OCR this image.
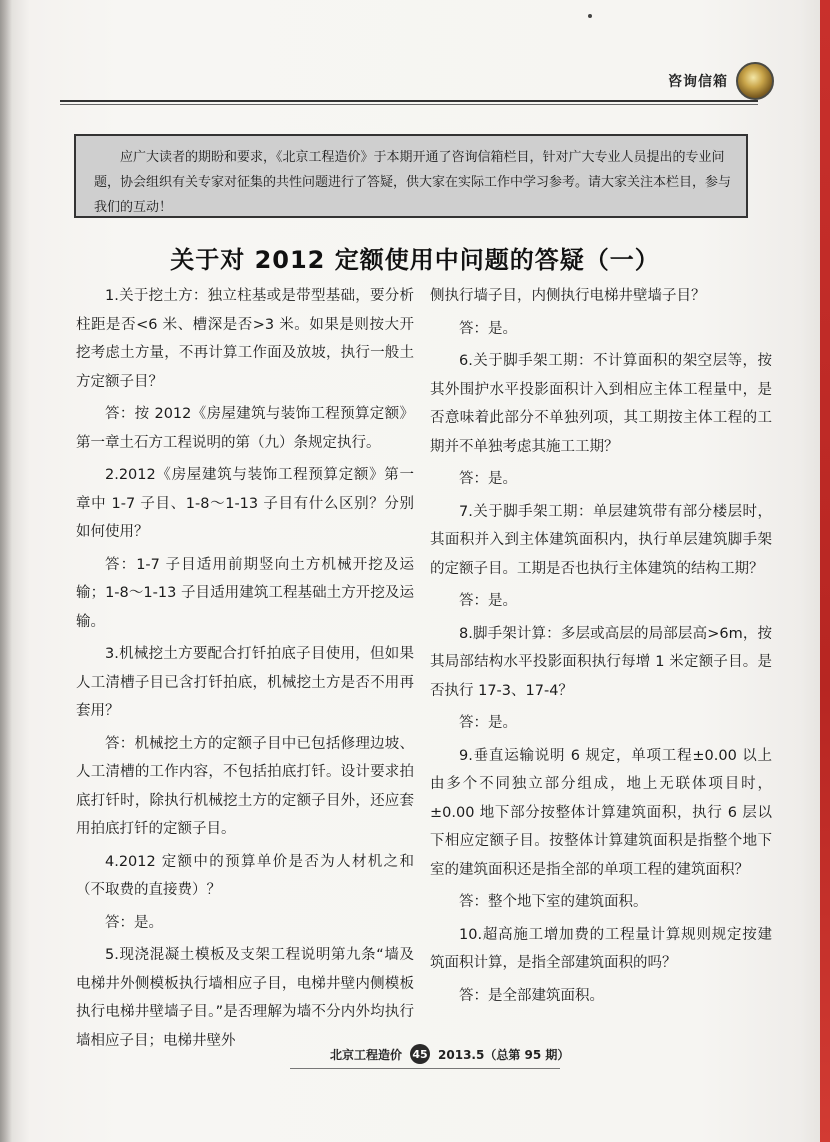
咨询信箱
应广大读者的期盼和要求，《北京工程造价》于本期开通了咨询信箱栏目，针对广大专业人员提出的专业问题，协会组织有关专家对征集的共性问题进行了答疑，供大家在实际工作中学习参考。请大家关注本栏目，参与我们的互动！
关于对 2012 定额使用中问题的答疑（一）

1.关于挖土方：独立柱基或是带型基础，要分析柱距是否<6 米、槽深是否>3 米。如果是则按大开挖考虑土方量，不再计算工作面及放坡，执行一般土方定额子目？

答：按 2012《房屋建筑与装饰工程预算定额》第一章土石方工程说明的第（九）条规定执行。

2.2012《房屋建筑与装饰工程预算定额》第一章中 1-7 子目、1-8～1-13 子目有什么区别？分别如何使用？

答：1-7 子目适用前期竖向土方机械开挖及运输；1-8～1-13 子目适用建筑工程基础土方开挖及运输。

3.机械挖土方要配合打钎拍底子目使用，但如果人工清槽子目已含打钎拍底，机械挖土方是否不用再套用？

答：机械挖土方的定额子目中已包括修理边坡、人工清槽的工作内容，不包括拍底打钎。设计要求拍底打钎时，除执行机械挖土方的定额子目外，还应套用拍底打钎的定额子目。

4.2012 定额中的预算单价是否为人材机之和（不取费的直接费）？

答：是。

5.现浇混凝土模板及支架工程说明第九条“墙及电梯井外侧模板执行墙相应子目，电梯井壁内侧模板执行电梯井壁墙子目。”是否理解为墙不分内外均执行墙相应子目；电梯井壁外

侧执行墙子目，内侧执行电梯井壁墙子目？

答：是。

6.关于脚手架工期：不计算面积的架空层等，按其外围护水平投影面积计入到相应主体工程量中，是否意味着此部分不单独列项，其工期按主体工程的工期并不单独考虑其施工工期？

答：是。

7.关于脚手架工期：单层建筑带有部分楼层时，其面积并入到主体建筑面积内，执行单层建筑脚手架的定额子目。工期是否也执行主体建筑的结构工期？

答：是。

8.脚手架计算：多层或高层的局部层高>6m，按其局部结构水平投影面积执行每增 1 米定额子目。是否执行 17-3、17-4？

答：是。

9.垂直运输说明 6 规定，单项工程±0.00 以上由多个不同独立部分组成，地上无联体项目时，±0.00 地下部分按整体计算建筑面积，执行 6 层以下相应定额子目。按整体计算建筑面积是指整个地下室的建筑面积还是指全部的单项工程的建筑面积？

答：整个地下室的建筑面积。

10.超高施工增加费的工程量计算规则规定按建筑面积计算，是指全部建筑面积的吗？

答：是全部建筑面积。

北京工程造价 45 2013.5（总第 95 期）
